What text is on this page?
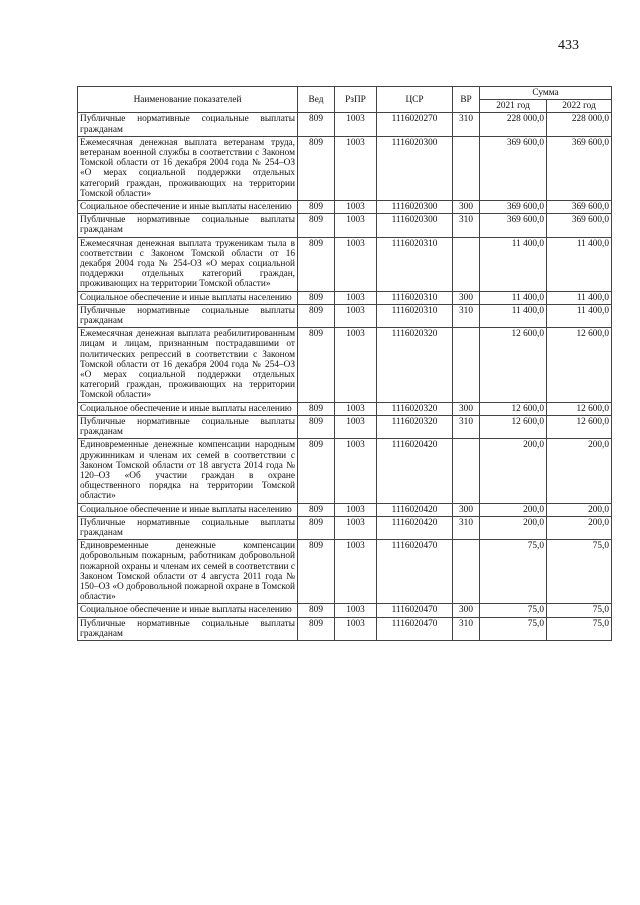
433
Наименование показателей	Вед	РзПР	ЦСР	ВР	Сумма	
					2021 год	2022 год
Публичные нормативные социальные выплаты гражданам	809	1003	1116020270	310	228 000,0	228 000,0
Ежемесячная денежная выплата ветеранам труда, ветеранам военной службы в соответствии с Законом Томской области от 16 декабря 2004 года № 254–ОЗ «О мерах социальной поддержки отдельных категорий граждан, проживающих на территории Томской области»	809	1003	1116020300		369 600,0	369 600,0
Социальное обеспечение и иные выплаты населению	809	1003	1116020300	300	369 600,0	369 600,0
Публичные нормативные социальные выплаты гражданам	809	1003	1116020300	310	369 600,0	369 600,0
Ежемесячная денежная выплата труженикам тыла в соответствии с Законом Томской области от 16 декабря 2004 года № 254-ОЗ «О мерах социальной поддержки отдельных категорий граждан, проживающих на территории Томской области»	809	1003	1116020310		11 400,0	11 400,0
Социальное обеспечение и иные выплаты населению	809	1003	1116020310	300	11 400,0	11 400,0
Публичные нормативные социальные выплаты гражданам	809	1003	1116020310	310	11 400,0	11 400,0
Ежемесячная денежная выплата реабилитированным лицам и лицам, признанным пострадавшими от политических репрессий в соответствии с Законом Томской области от 16 декабря 2004 года № 254–ОЗ «О мерах социальной поддержки отдельных категорий граждан, проживающих на территории Томской области»	809	1003	1116020320		12 600,0	12 600,0
Социальное обеспечение и иные выплаты населению	809	1003	1116020320	300	12 600,0	12 600,0
Публичные нормативные социальные выплаты гражданам	809	1003	1116020320	310	12 600,0	12 600,0
Единовременные денежные компенсации народным дружинникам и членам их семей в соответствии с Законом Томской области от 18 августа 2014 года № 120–ОЗ «Об участии граждан в охране общественного порядка на территории Томской области»	809	1003	1116020420		200,0	200,0
Социальное обеспечение и иные выплаты населению	809	1003	1116020420	300	200,0	200,0
Публичные нормативные социальные выплаты гражданам	809	1003	1116020420	310	200,0	200,0
Единовременные денежные компенсации добровольным пожарным, работникам добровольной пожарной охраны и членам их семей в соответствии с Законом Томской области от 4 августа 2011 года № 150–ОЗ «О добровольной пожарной охране в Томской области»	809	1003	1116020470		75,0	75,0
Социальное обеспечение и иные выплаты населению	809	1003	1116020470	300	75,0	75,0
Публичные нормативные социальные выплаты гражданам	809	1003	1116020470	310	75,0	75,0
